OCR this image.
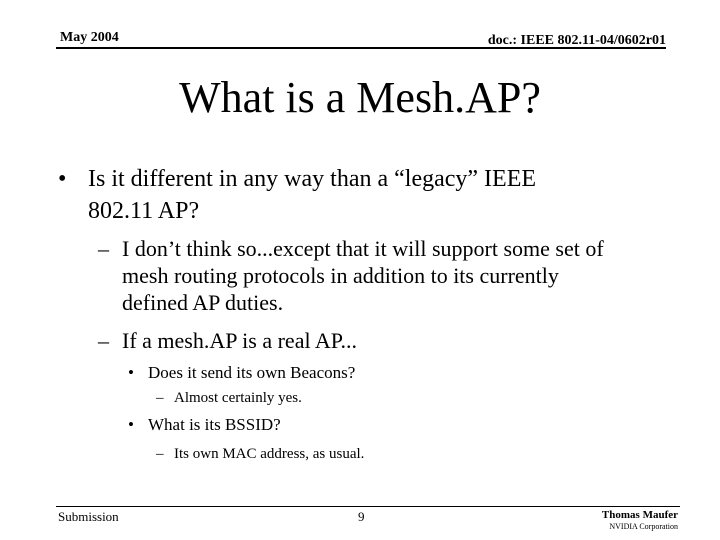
May 2004	doc.: IEEE 802.11-04/0602r01
What is a Mesh.AP?
• Is it different in any way than a “legacy” IEEE
802.11 AP?
– I don’t think so...except that it will support some set of
mesh routing protocols in addition to its currently
defined AP duties.
– If a mesh.AP is a real AP...
• Does it send its own Beacons?
– Almost certainly yes.
• What is its BSSID?
– Its own MAC address, as usual.
Submission	9	Thomas Maufer
NVIDIA Corporation
